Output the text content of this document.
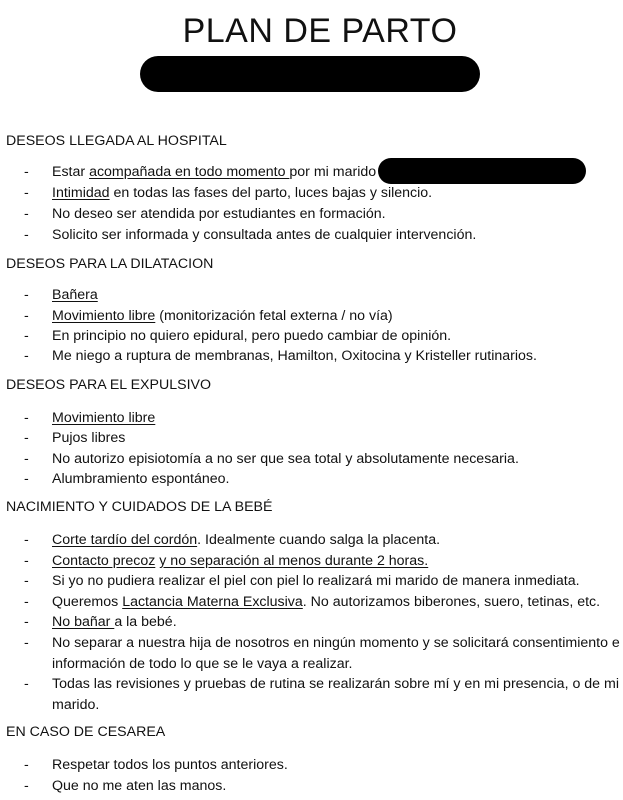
PLAN DE PARTO
DESEOS LLEGADA AL HOSPITAL
- Estar acompañada en todo momento por mi marido
- Intimidad en todas las fases del parto, luces bajas y silencio.
- No deseo ser atendida por estudiantes en formación.
- Solicito ser informada y consultada antes de cualquier intervención.
DESEOS PARA LA DILATACION
- Bañera
- Movimiento libre (monitorización fetal externa / no vía)
- En principio no quiero epidural, pero puedo cambiar de opinión.
- Me niego a ruptura de membranas, Hamilton, Oxitocina y Kristeller rutinarios.
DESEOS PARA EL EXPULSIVO
- Movimiento libre
- Pujos libres
- No autorizo episiotomía a no ser que sea total y absolutamente necesaria.
- Alumbramiento espontáneo.
NACIMIENTO Y CUIDADOS DE LA BEBÉ
- Corte tardío del cordón. Idealmente cuando salga la placenta.
- Contacto precoz y no separación al menos durante 2 horas.
- Si yo no pudiera realizar el piel con piel lo realizará mi marido de manera inmediata.
- Queremos Lactancia Materna Exclusiva. No autorizamos biberones, suero, tetinas, etc.
- No bañar a la bebé.
- No separar a nuestra hija de nosotros en ningún momento y se solicitará consentimiento e información de todo lo que se le vaya a realizar.
- Todas las revisiones y pruebas de rutina se realizarán sobre mí y en mi presencia, o de mi marido.
EN CASO DE CESAREA
- Respetar todos los puntos anteriores.
- Que no me aten las manos.
